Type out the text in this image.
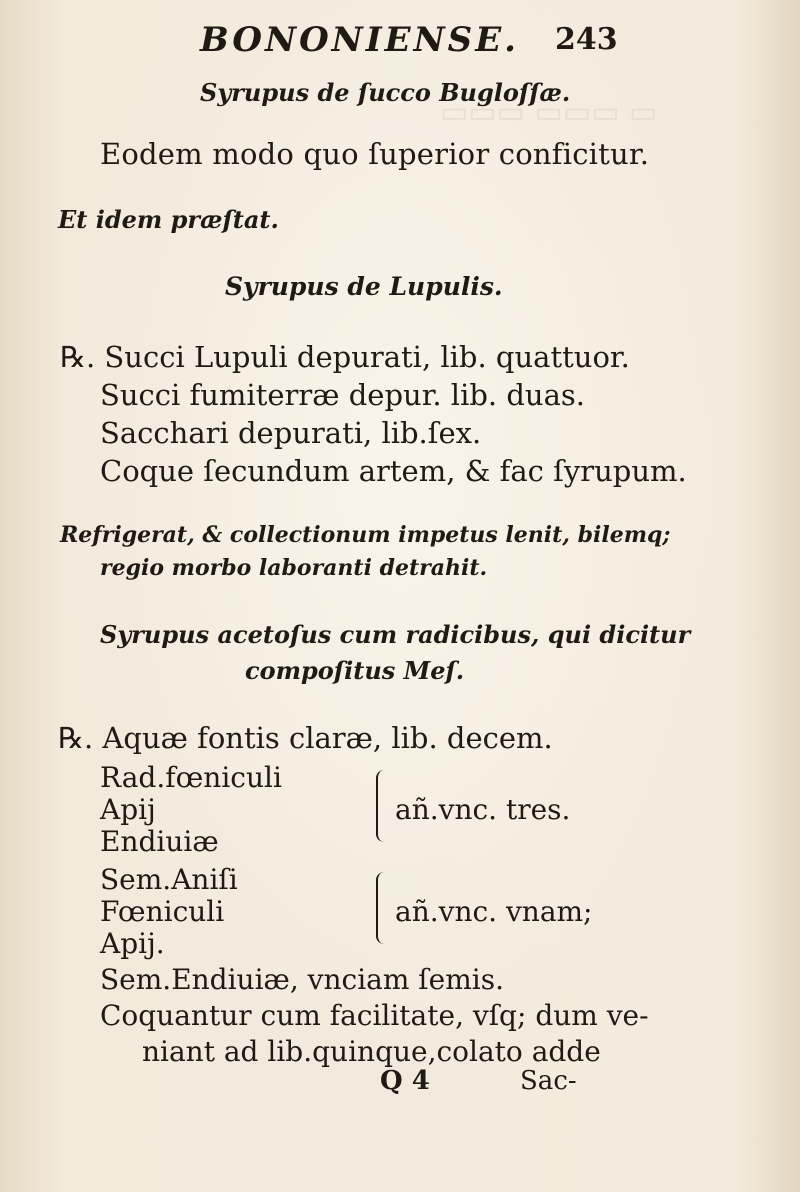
▭ ▭▭▭ ▭▭▭
BONONIENSE. 243
Syrupus de ſucco Bugloſſæ.
Eodem modo quo ſuperior conficitur.
Et idem præſtat.
Syrupus de Lupulis.
℞. Succi Lupuli depurati, lib. quattuor.
Succi fumiterræ depur. lib. duas.
Sacchari depurati, lib.ſex.
Coque ſecundum artem, & fac ſyrupum.
Refrigerat, & collectionum impetus lenit, bilemq;
regio morbo laboranti detrahit.
Syrupus acetoſus cum radicibus, qui dicitur
compoſitus Meſ.
℞. Aquæ fontis claræ, lib. decem.
Rad.fœniculi
Apij
Endiuiæ
añ.vnc. tres.
Sem.Aniſi
Fœniculi
Apij.
añ.vnc. vnam;
Sem.Endiuiæ, vnciam ſemis.
Coquantur cum facilitate, vſq; dum ve-
niant ad lib.quinque,colato adde
Q 4	Sac-
